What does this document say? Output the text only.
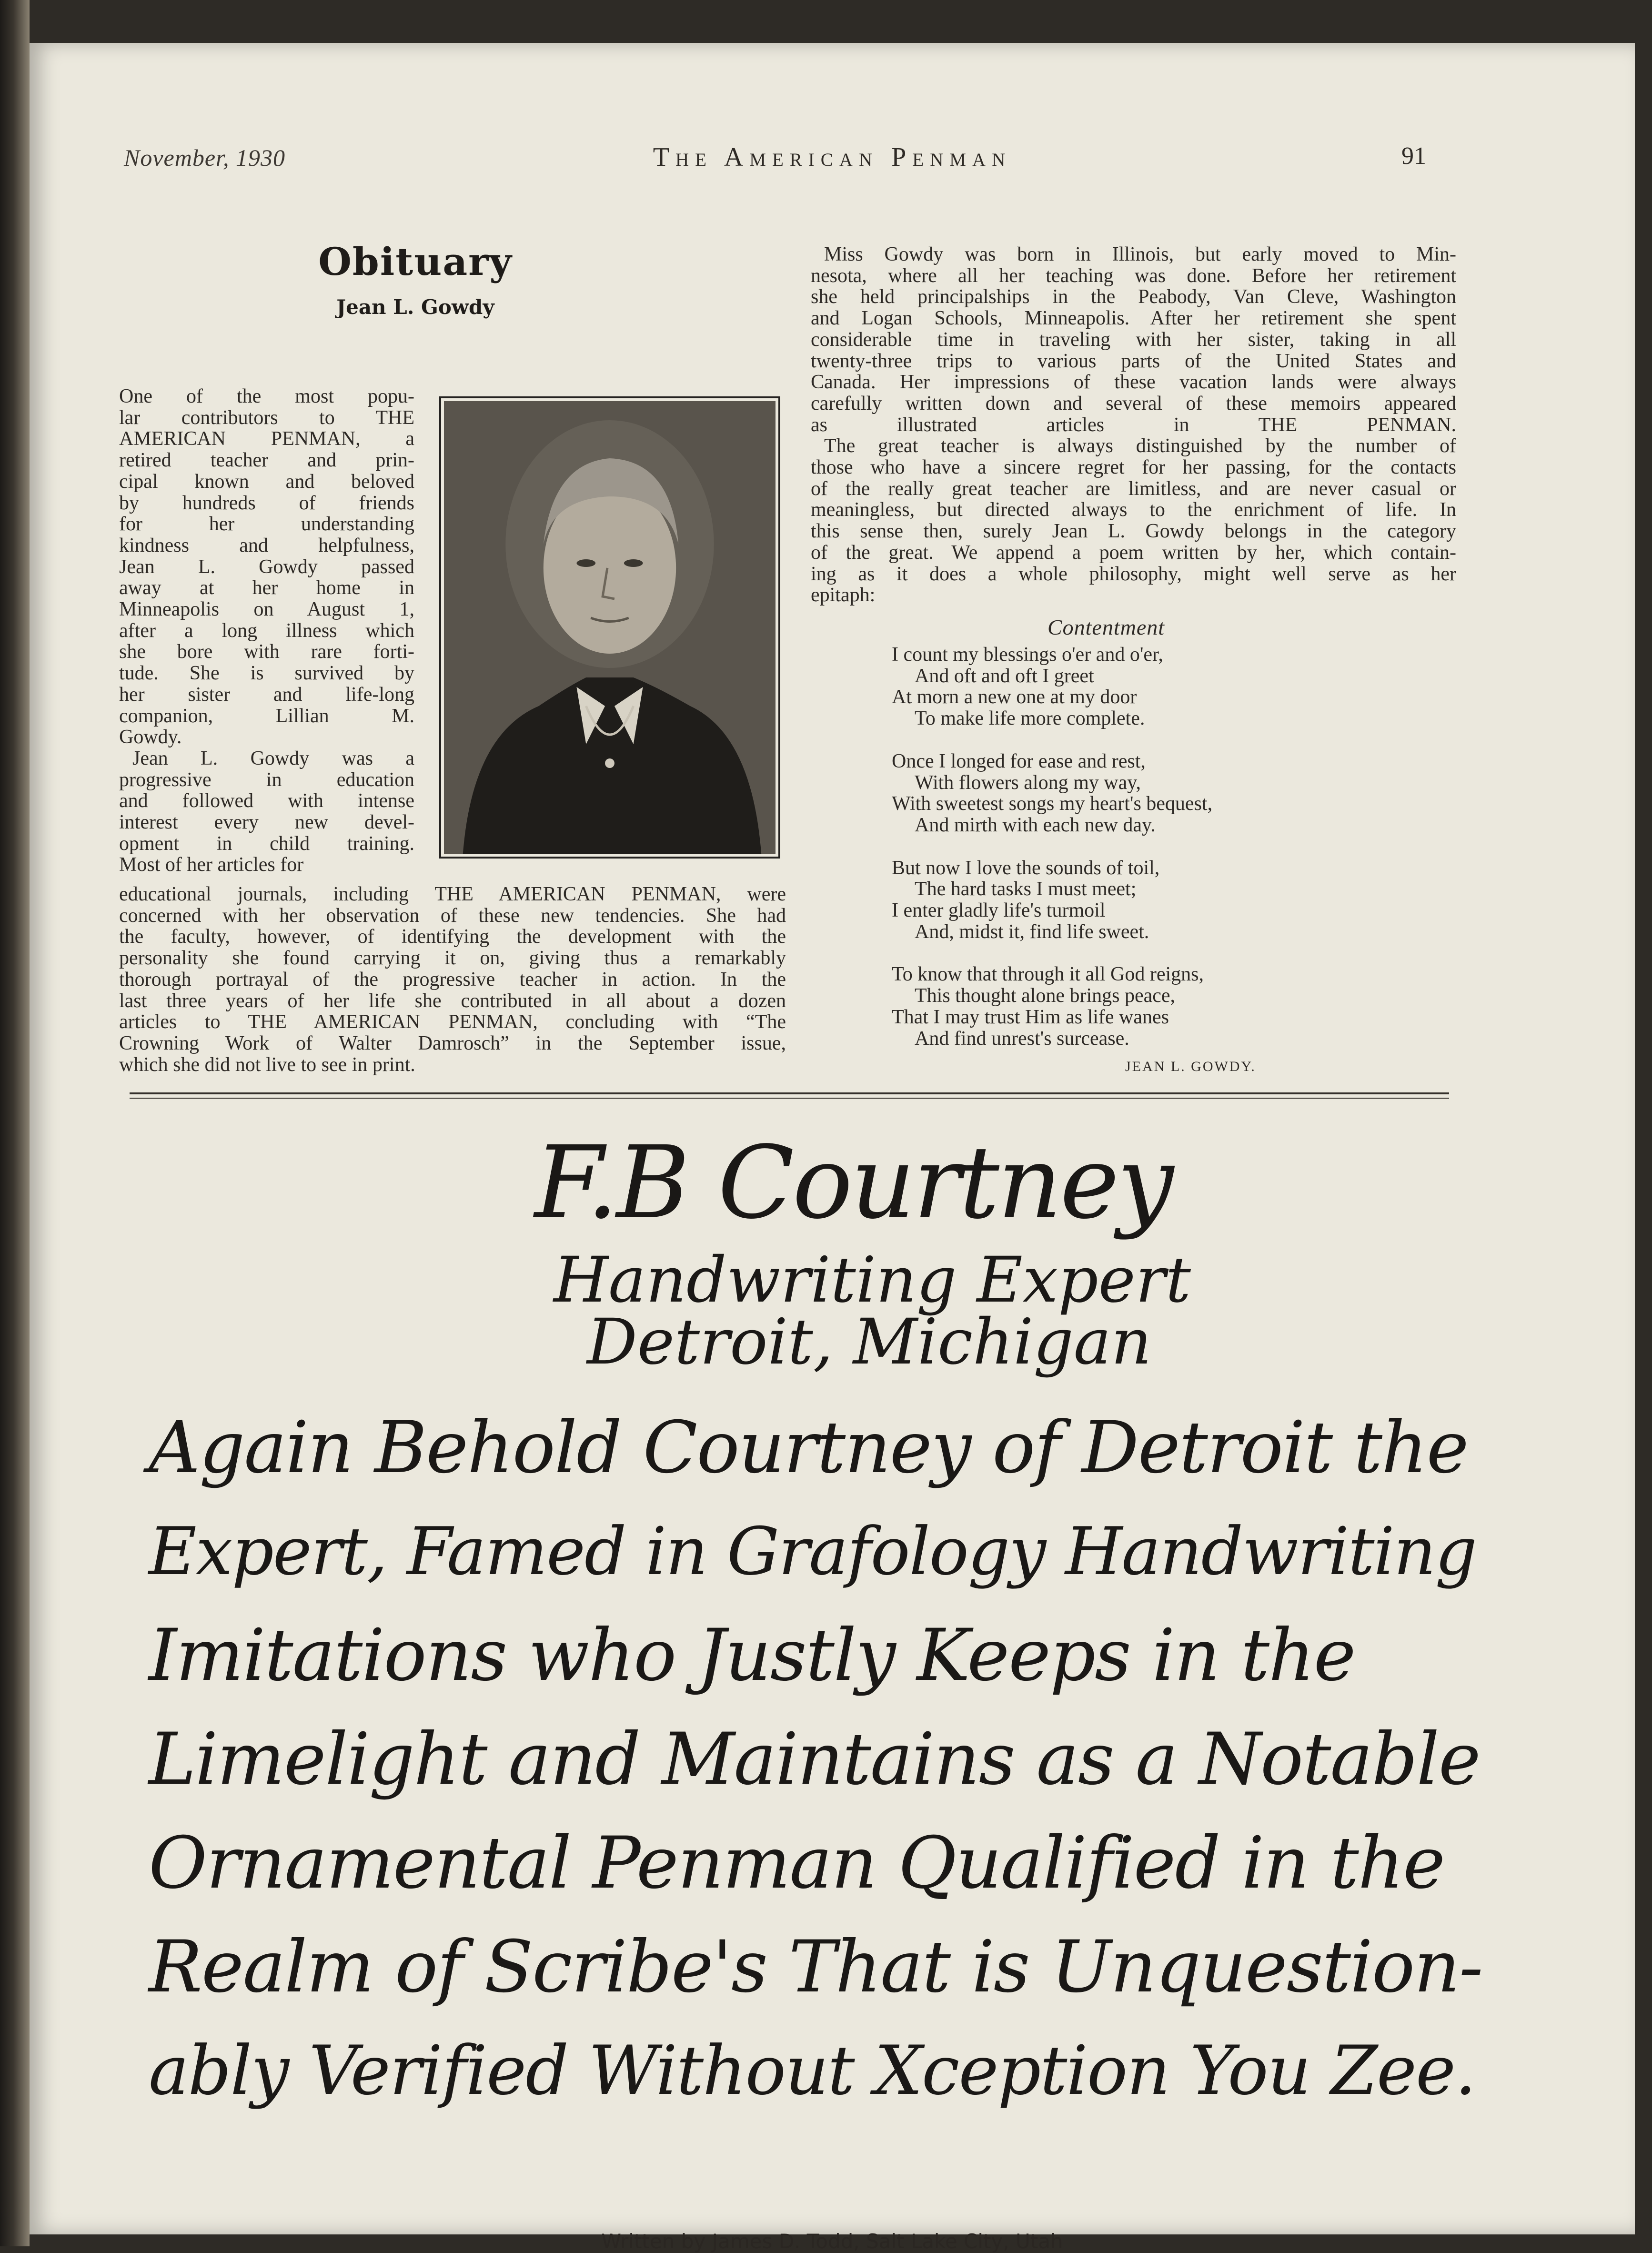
November, 1930	The American Penman	91
Obituary
Jean L. Gowdy
One of the most popu-
lar contributors to THE
AMERICAN PENMAN, a
retired teacher and prin-
cipal known and beloved
by hundreds of friends
for her understanding
kindness and helpfulness,
Jean L. Gowdy passed
away at her home in
Minneapolis on August 1,
after a long illness which
she bore with rare forti-
tude. She is survived by
her sister and life-long
companion, Lillian M.
Gowdy.
Jean L. Gowdy was a
progressive in education
and followed with intense
interest every new devel-
opment in child training.
Most of her articles for
educational journals, including THE AMERICAN PENMAN, were
concerned with her observation of these new tendencies. She had
the faculty, however, of identifying the development with the
personality she found carrying it on, giving thus a remarkably
thorough portrayal of the progressive teacher in action. In the
last three years of her life she contributed in all about a dozen
articles to THE AMERICAN PENMAN, concluding with “The
Crowning Work of Walter Damrosch” in the September issue,
which she did not live to see in print.
Miss Gowdy was born in Illinois, but early moved to Min-
nesota, where all her teaching was done. Before her retirement
she held principalships in the Peabody, Van Cleve, Washington
and Logan Schools, Minneapolis. After her retirement she spent
considerable time in traveling with her sister, taking in all
twenty-three trips to various parts of the United States and
Canada. Her impressions of these vacation lands were always
carefully written down and several of these memoirs appeared
as illustrated articles in THE PENMAN.
The great teacher is always distinguished by the number of
those who have a sincere regret for her passing, for the contacts
of the really great teacher are limitless, and are never casual or
meaningless, but directed always to the enrichment of life. In
this sense then, surely Jean L. Gowdy belongs in the category
of the great. We append a poem written by her, which contain-
ing as it does a whole philosophy, might well serve as her
epitaph:
Contentment
I count my blessings o'er and o'er,
And oft and oft I greet
At morn a new one at my door
To make life more complete.
Once I longed for ease and rest,
With flowers along my way,
With sweetest songs my heart's bequest,
And mirth with each new day.
But now I love the sounds of toil,
The hard tasks I must meet;
I enter gladly life's turmoil
And, midst it, find life sweet.
To know that through it all God reigns,
This thought alone brings peace,
That I may trust Him as life wanes
And find unrest's surcease.
JEAN L. GOWDY.
F.B Courtney
Handwriting Expert
Detroit, Michigan
Again Behold Courtney of Detroit the
Expert, Famed in Grafology Handwriting
Imitations who Justly Keeps in the
Limelight and Maintains as a Notable
Ornamental Penman Qualified in the
Realm of Scribe's That is Unquestion-
ably Verified Without Xception You Zee.
Written by James D. Todd, Salt Lake City, Utah
